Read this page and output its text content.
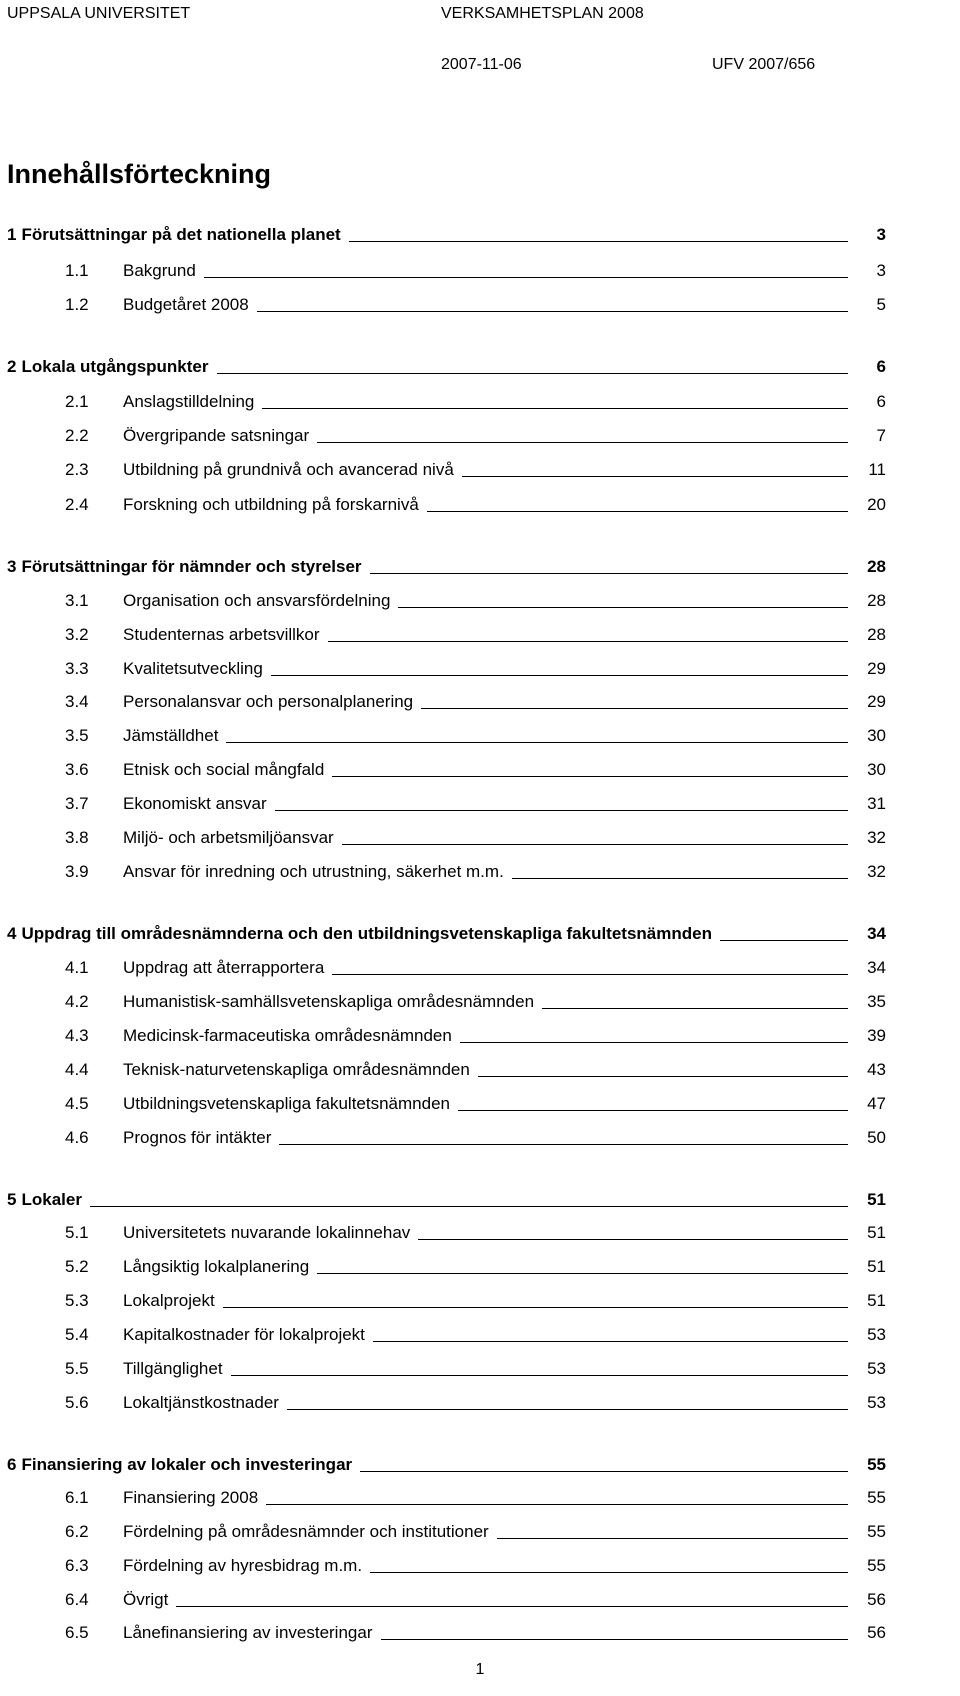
UPPSALA UNIVERSITET	VERKSAMHETSPLAN 2008
2007-11-06	UFV 2007/656
Innehållsförteckning
1 Förutsättningar på det nationella planet	3
1.1	Bakgrund	3
1.2	Budgetåret 2008	5
2 Lokala utgångspunkter	6
2.1	Anslagstilldelning	6
2.2	Övergripande satsningar	7
2.3	Utbildning på grundnivå och avancerad nivå	11
2.4	Forskning och utbildning på forskarnivå	20
3 Förutsättningar för nämnder och styrelser	28
3.1	Organisation och ansvarsfördelning	28
3.2	Studenternas arbetsvillkor	28
3.3	Kvalitetsutveckling	29
3.4	Personalansvar och personalplanering	29
3.5	Jämställdhet	30
3.6	Etnisk och social mångfald	30
3.7	Ekonomiskt ansvar	31
3.8	Miljö- och arbetsmiljöansvar	32
3.9	Ansvar för inredning och utrustning, säkerhet m.m.	32
4 Uppdrag till områdesnämnderna och den utbildningsvetenskapliga fakultetsnämnden	34
4.1	Uppdrag att återrapportera	34
4.2	Humanistisk-samhällsvetenskapliga områdesnämnden	35
4.3	Medicinsk-farmaceutiska områdesnämnden	39
4.4	Teknisk-naturvetenskapliga områdesnämnden	43
4.5	Utbildningsvetenskapliga fakultetsnämnden	47
4.6	Prognos för intäkter	50
5 Lokaler	51
5.1	Universitetets nuvarande lokalinnehav	51
5.2	Långsiktig lokalplanering	51
5.3	Lokalprojekt	51
5.4	Kapitalkostnader för lokalprojekt	53
5.5	Tillgänglighet	53
5.6	Lokaltjänstkostnader	53
6 Finansiering av lokaler och investeringar	55
6.1	Finansiering 2008	55
6.2	Fördelning på områdesnämnder och institutioner	55
6.3	Fördelning av hyresbidrag m.m.	55
6.4	Övrigt	56
6.5	Lånefinansiering av investeringar	56
1
